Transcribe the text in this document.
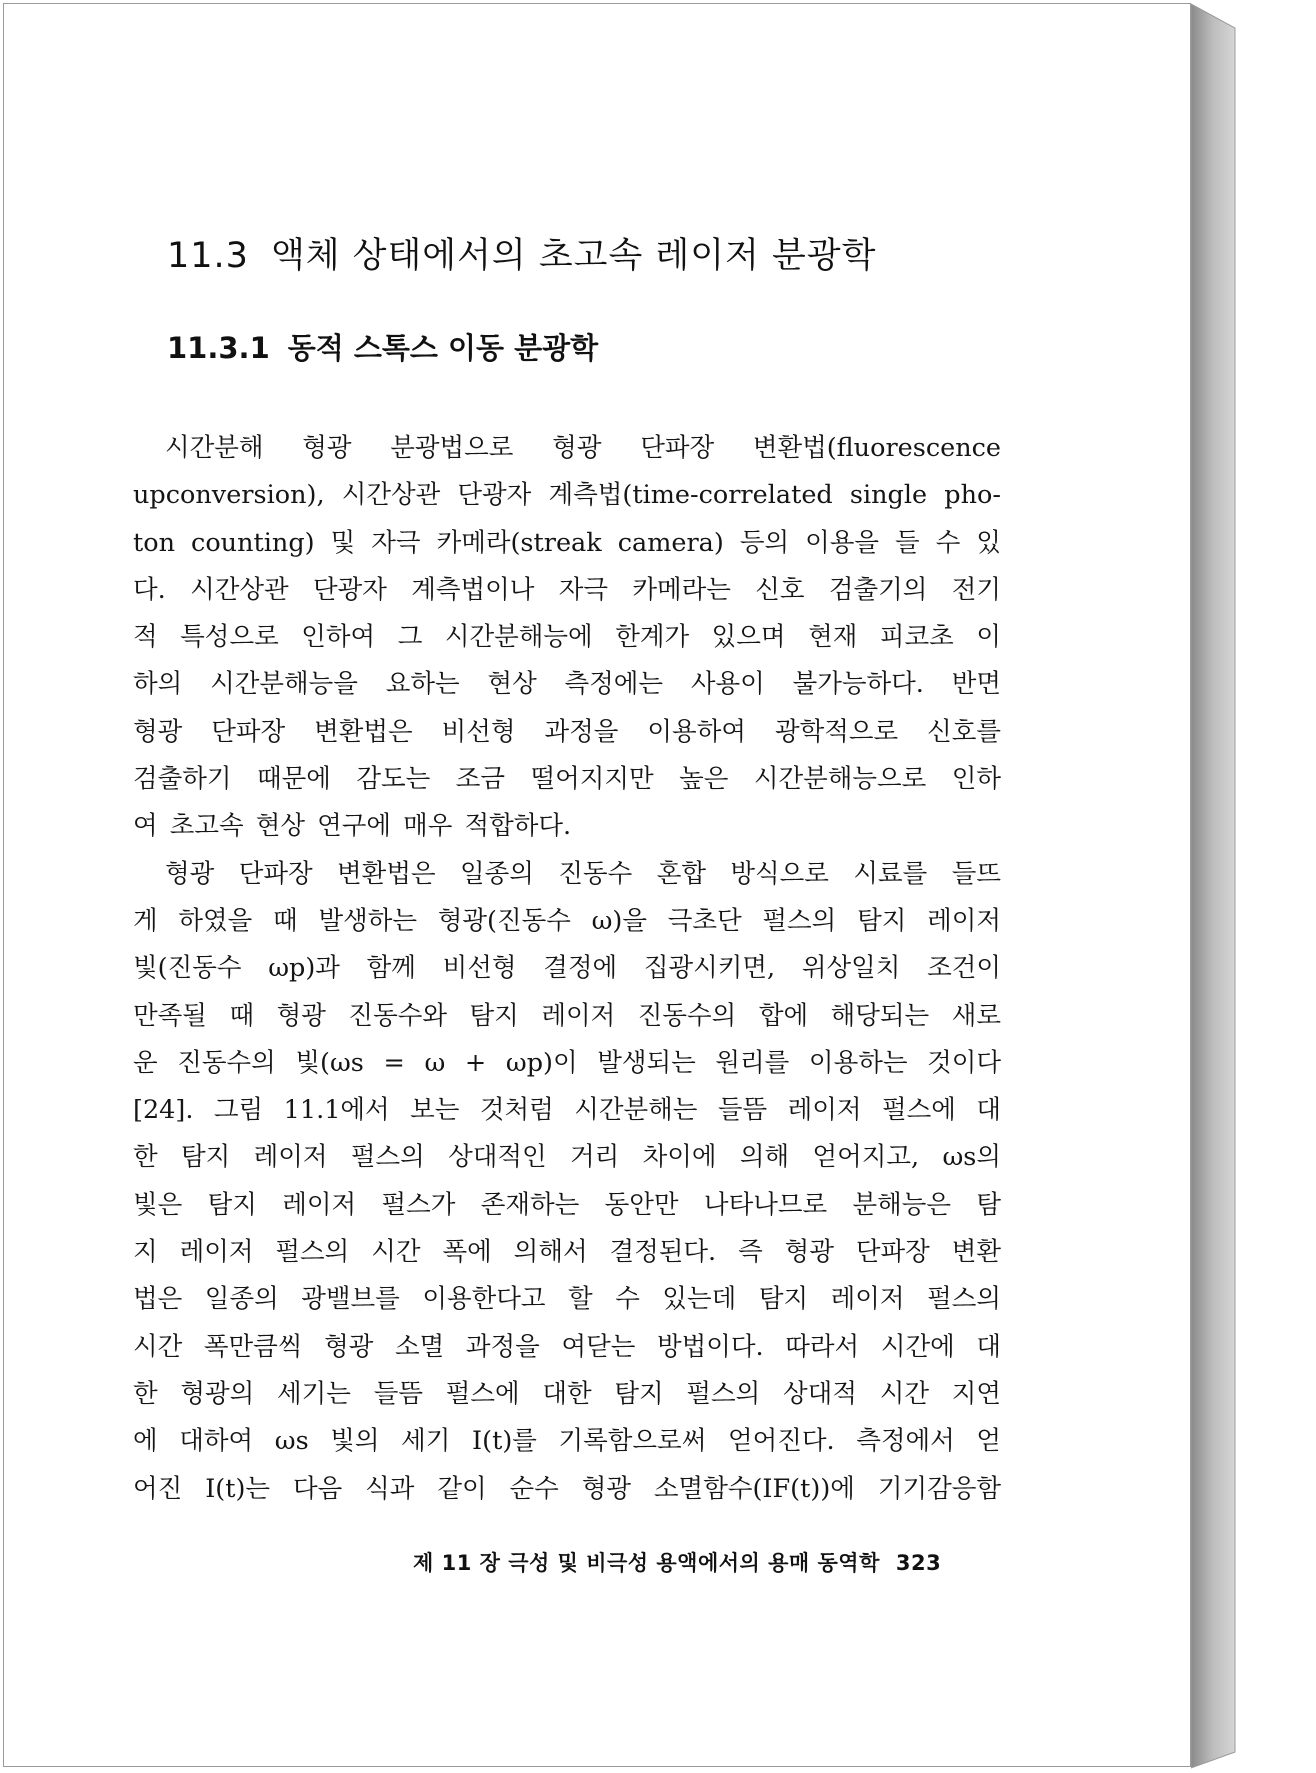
11.3 액체 상태에서의 초고속 레이저 분광학
11.3.1 동적 스톡스 이동 분광학
시간분해 형광 분광법으로 형광 단파장 변환법(fluorescence
upconversion), 시간상관 단광자 계측법(time-correlated single pho-
ton counting) 및 자극 카메라(streak camera) 등의 이용을 들 수 있
다. 시간상관 단광자 계측법이나 자극 카메라는 신호 검출기의 전기
적 특성으로 인하여 그 시간분해능에 한계가 있으며 현재 피코초 이
하의 시간분해능을 요하는 현상 측정에는 사용이 불가능하다. 반면
형광 단파장 변환법은 비선형 과정을 이용하여 광학적으로 신호를
검출하기 때문에 감도는 조금 떨어지지만 높은 시간분해능으로 인하
여 초고속 현상 연구에 매우 적합하다.
형광 단파장 변환법은 일종의 진동수 혼합 방식으로 시료를 들뜨
게 하였을 때 발생하는 형광(진동수 ω)을 극초단 펄스의 탐지 레이저
빛(진동수 ωp)과 함께 비선형 결정에 집광시키면, 위상일치 조건이
만족될 때 형광 진동수와 탐지 레이저 진동수의 합에 해당되는 새로
운 진동수의 빛(ωs = ω + ωp)이 발생되는 원리를 이용하는 것이다
[24]. 그림 11.1에서 보는 것처럼 시간분해는 들뜸 레이저 펄스에 대
한 탐지 레이저 펄스의 상대적인 거리 차이에 의해 얻어지고, ωs의
빛은 탐지 레이저 펄스가 존재하는 동안만 나타나므로 분해능은 탐
지 레이저 펄스의 시간 폭에 의해서 결정된다. 즉 형광 단파장 변환
법은 일종의 광밸브를 이용한다고 할 수 있는데 탐지 레이저 펄스의
시간 폭만큼씩 형광 소멸 과정을 여닫는 방법이다. 따라서 시간에 대
한 형광의 세기는 들뜸 펄스에 대한 탐지 펄스의 상대적 시간 지연
에 대하여 ωs 빛의 세기 I(t)를 기록함으로써 얻어진다. 측정에서 얻
어진 I(t)는 다음 식과 같이 순수 형광 소멸함수(IF(t))에 기기감응함
제 11 장 극성 및 비극성 용액에서의 용매 동역학 323
